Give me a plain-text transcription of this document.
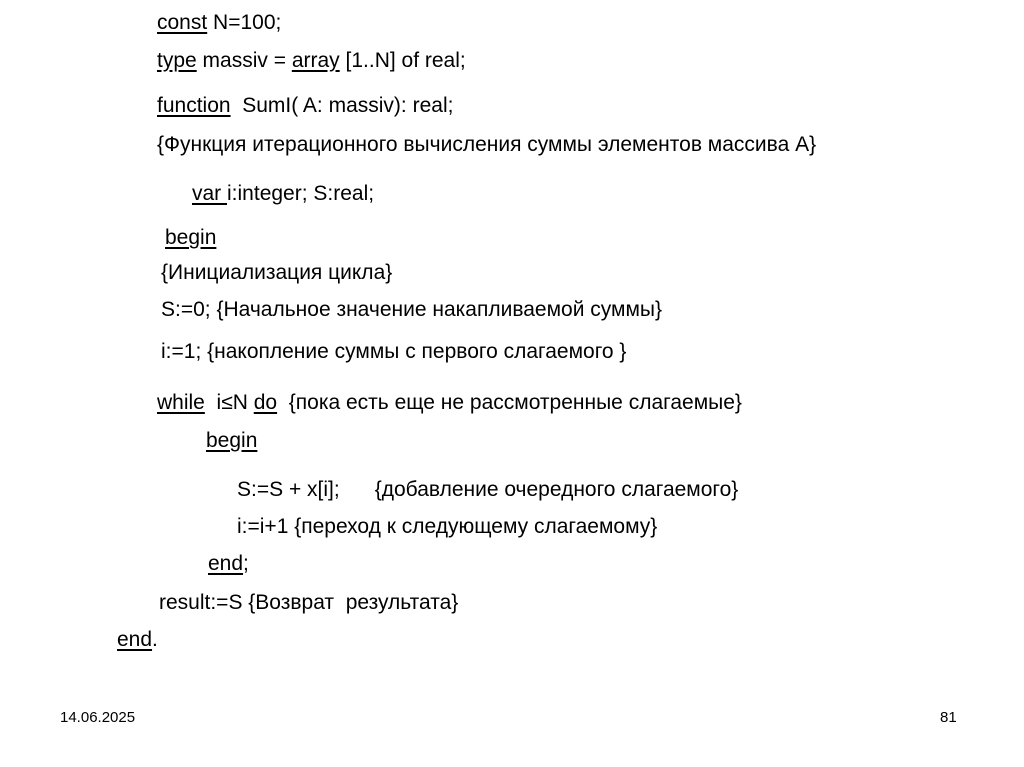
const N=100;
type massiv = array [1..N] of real;
function  SumI( A: massiv): real;
{Функция итерационного вычисления суммы элементов массива A}
var i:integer; S:real;
begin
{Инициализация цикла}
S:=0; {Начальное значение накапливаемой суммы}
i:=1; {накопление суммы с первого слагаемого }
while  i≤N do  {пока есть еще не рассмотренные слагаемые}
begin
S:=S + x[i];      {добавление очередного слагаемого}
i:=i+1 {переход к следующему слагаемому}
end;
result:=S {Возврат  результата}
end.
14.06.2025	81
